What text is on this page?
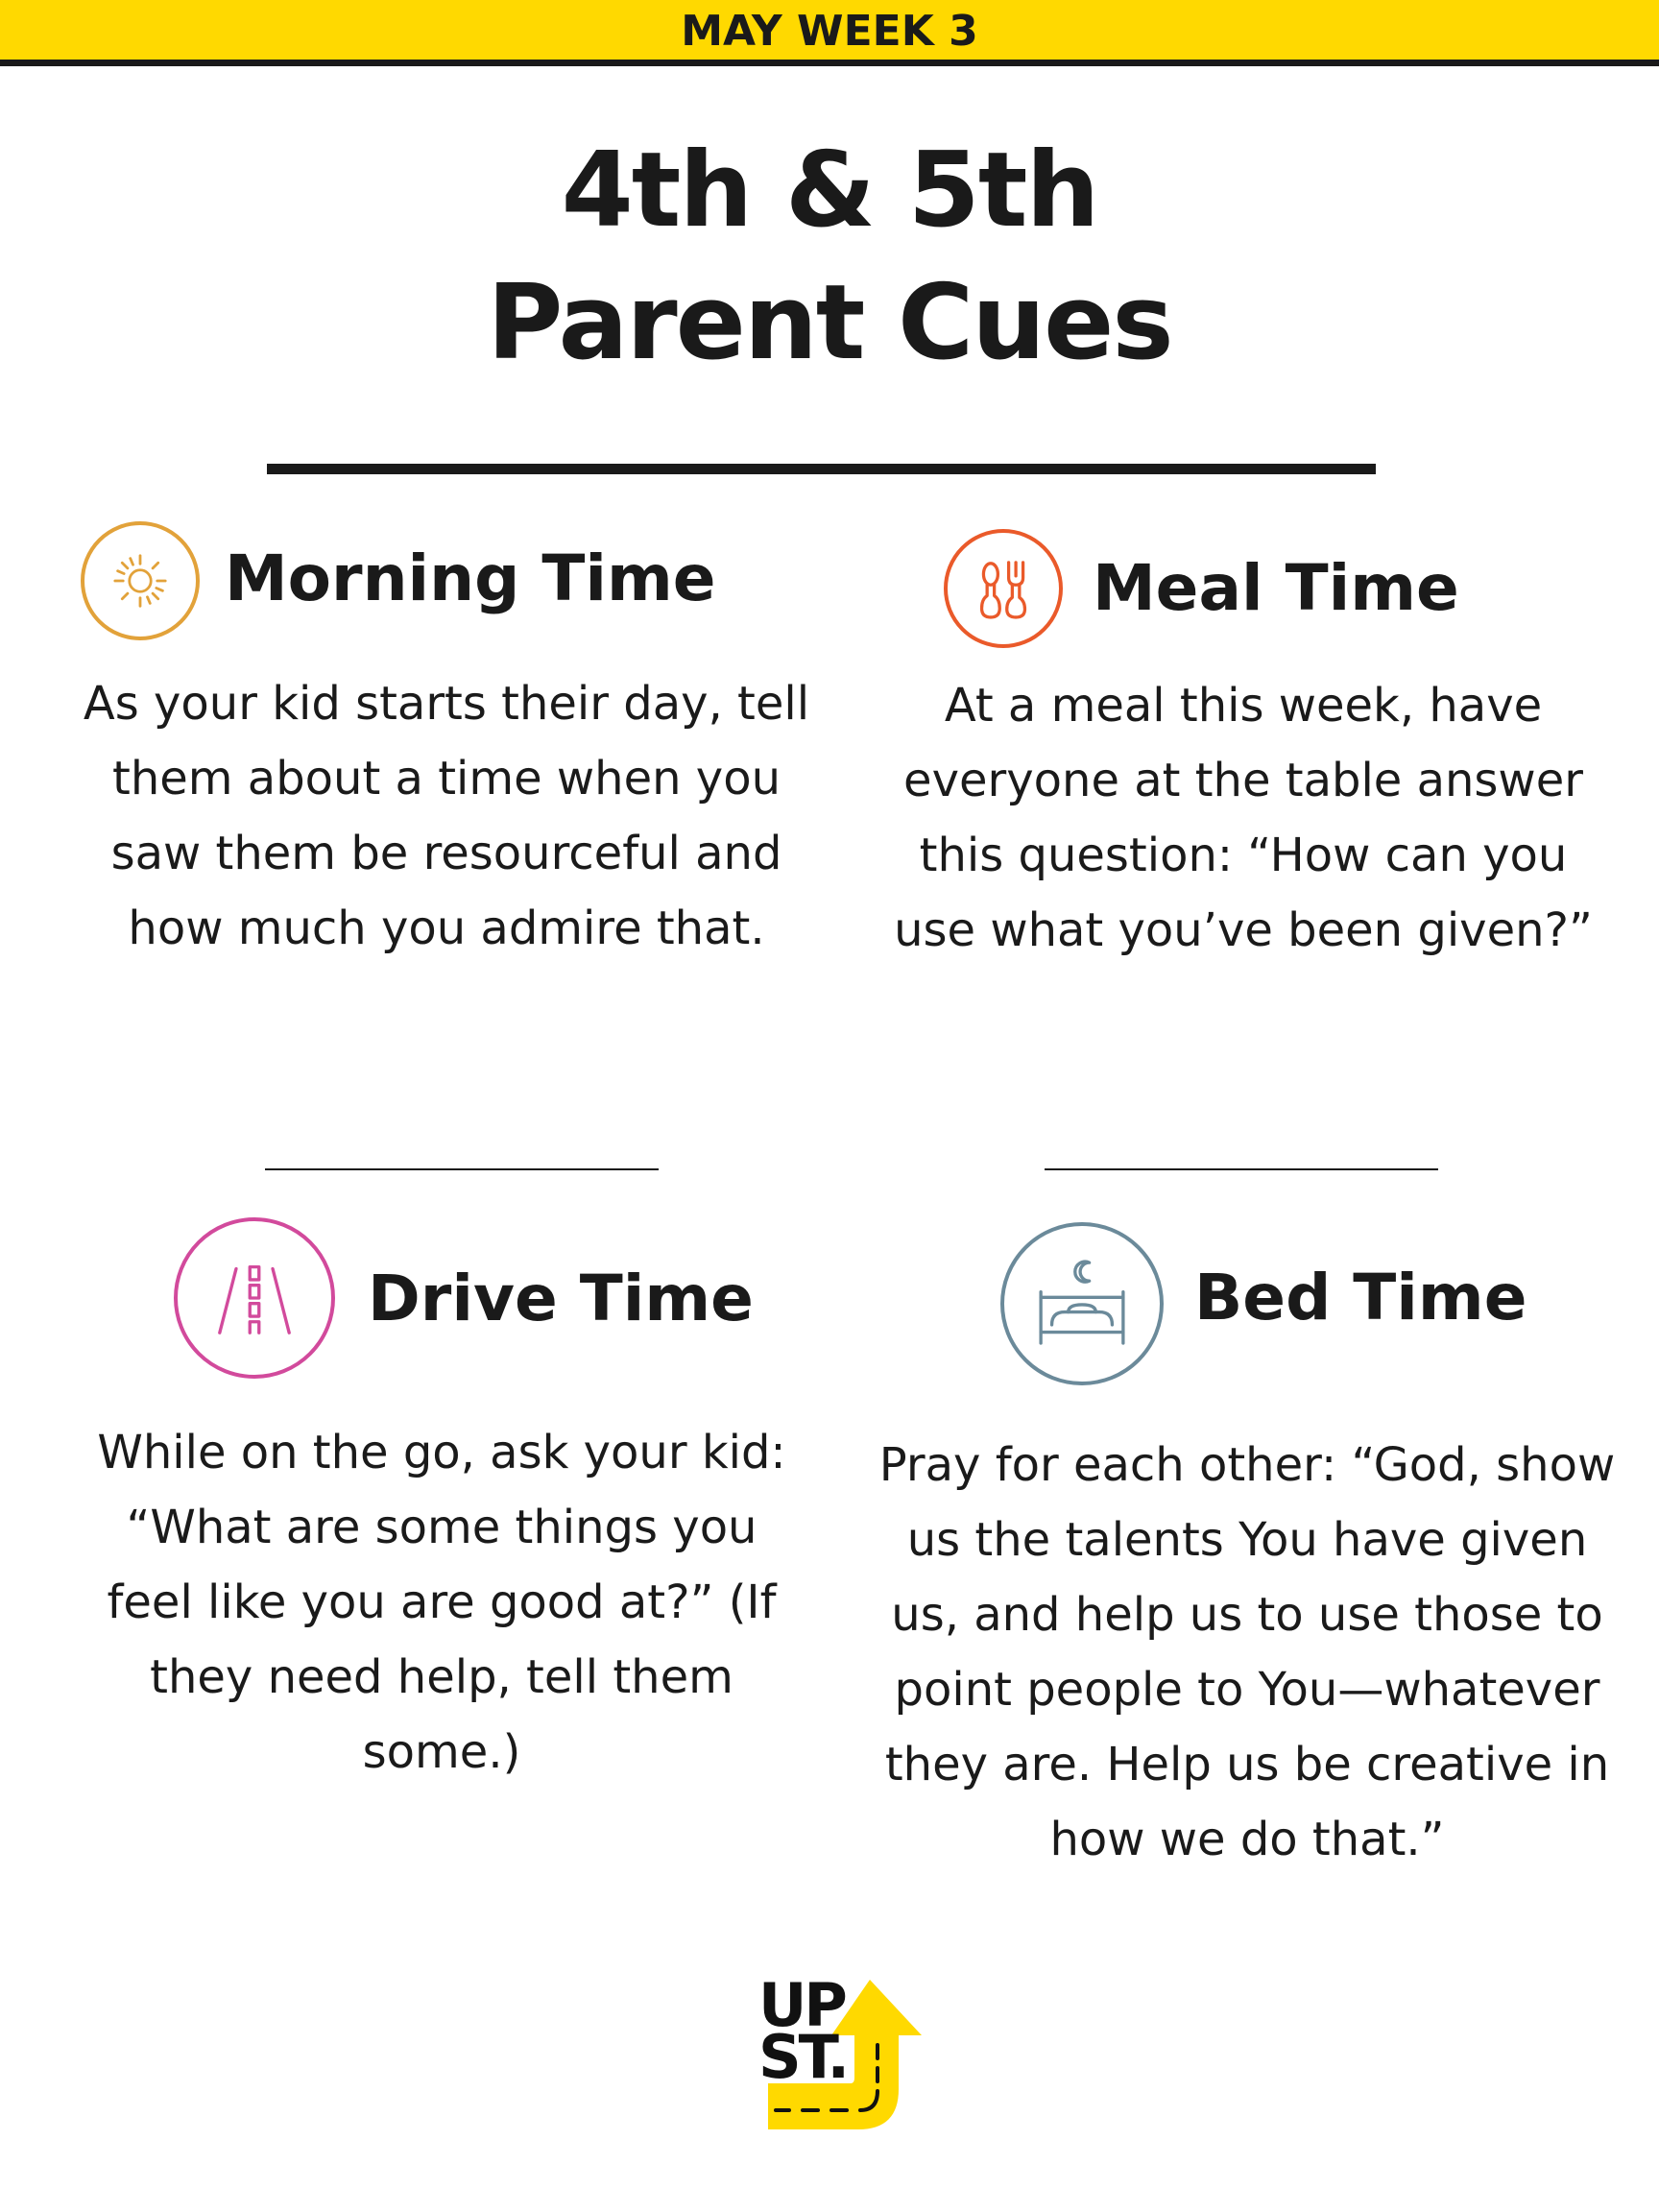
MAY WEEK 3
4th & 5th
Parent Cues
Morning Time
As your kid starts their day, tell them about a time when you saw them be resourceful and how much you admire that.
Meal Time
At a meal this week, have everyone at the table answer this question: “How can you use what you’ve been given?”
Drive Time
While on the go, ask your kid: “What are some things you feel like you are good at?” (If they need help, tell them some.)
Bed Time
Pray for each other: “God, show us the talents You have given us, and help us to use those to point people to You—whatever they are. Help us be creative in how we do that.”
UP
ST.
